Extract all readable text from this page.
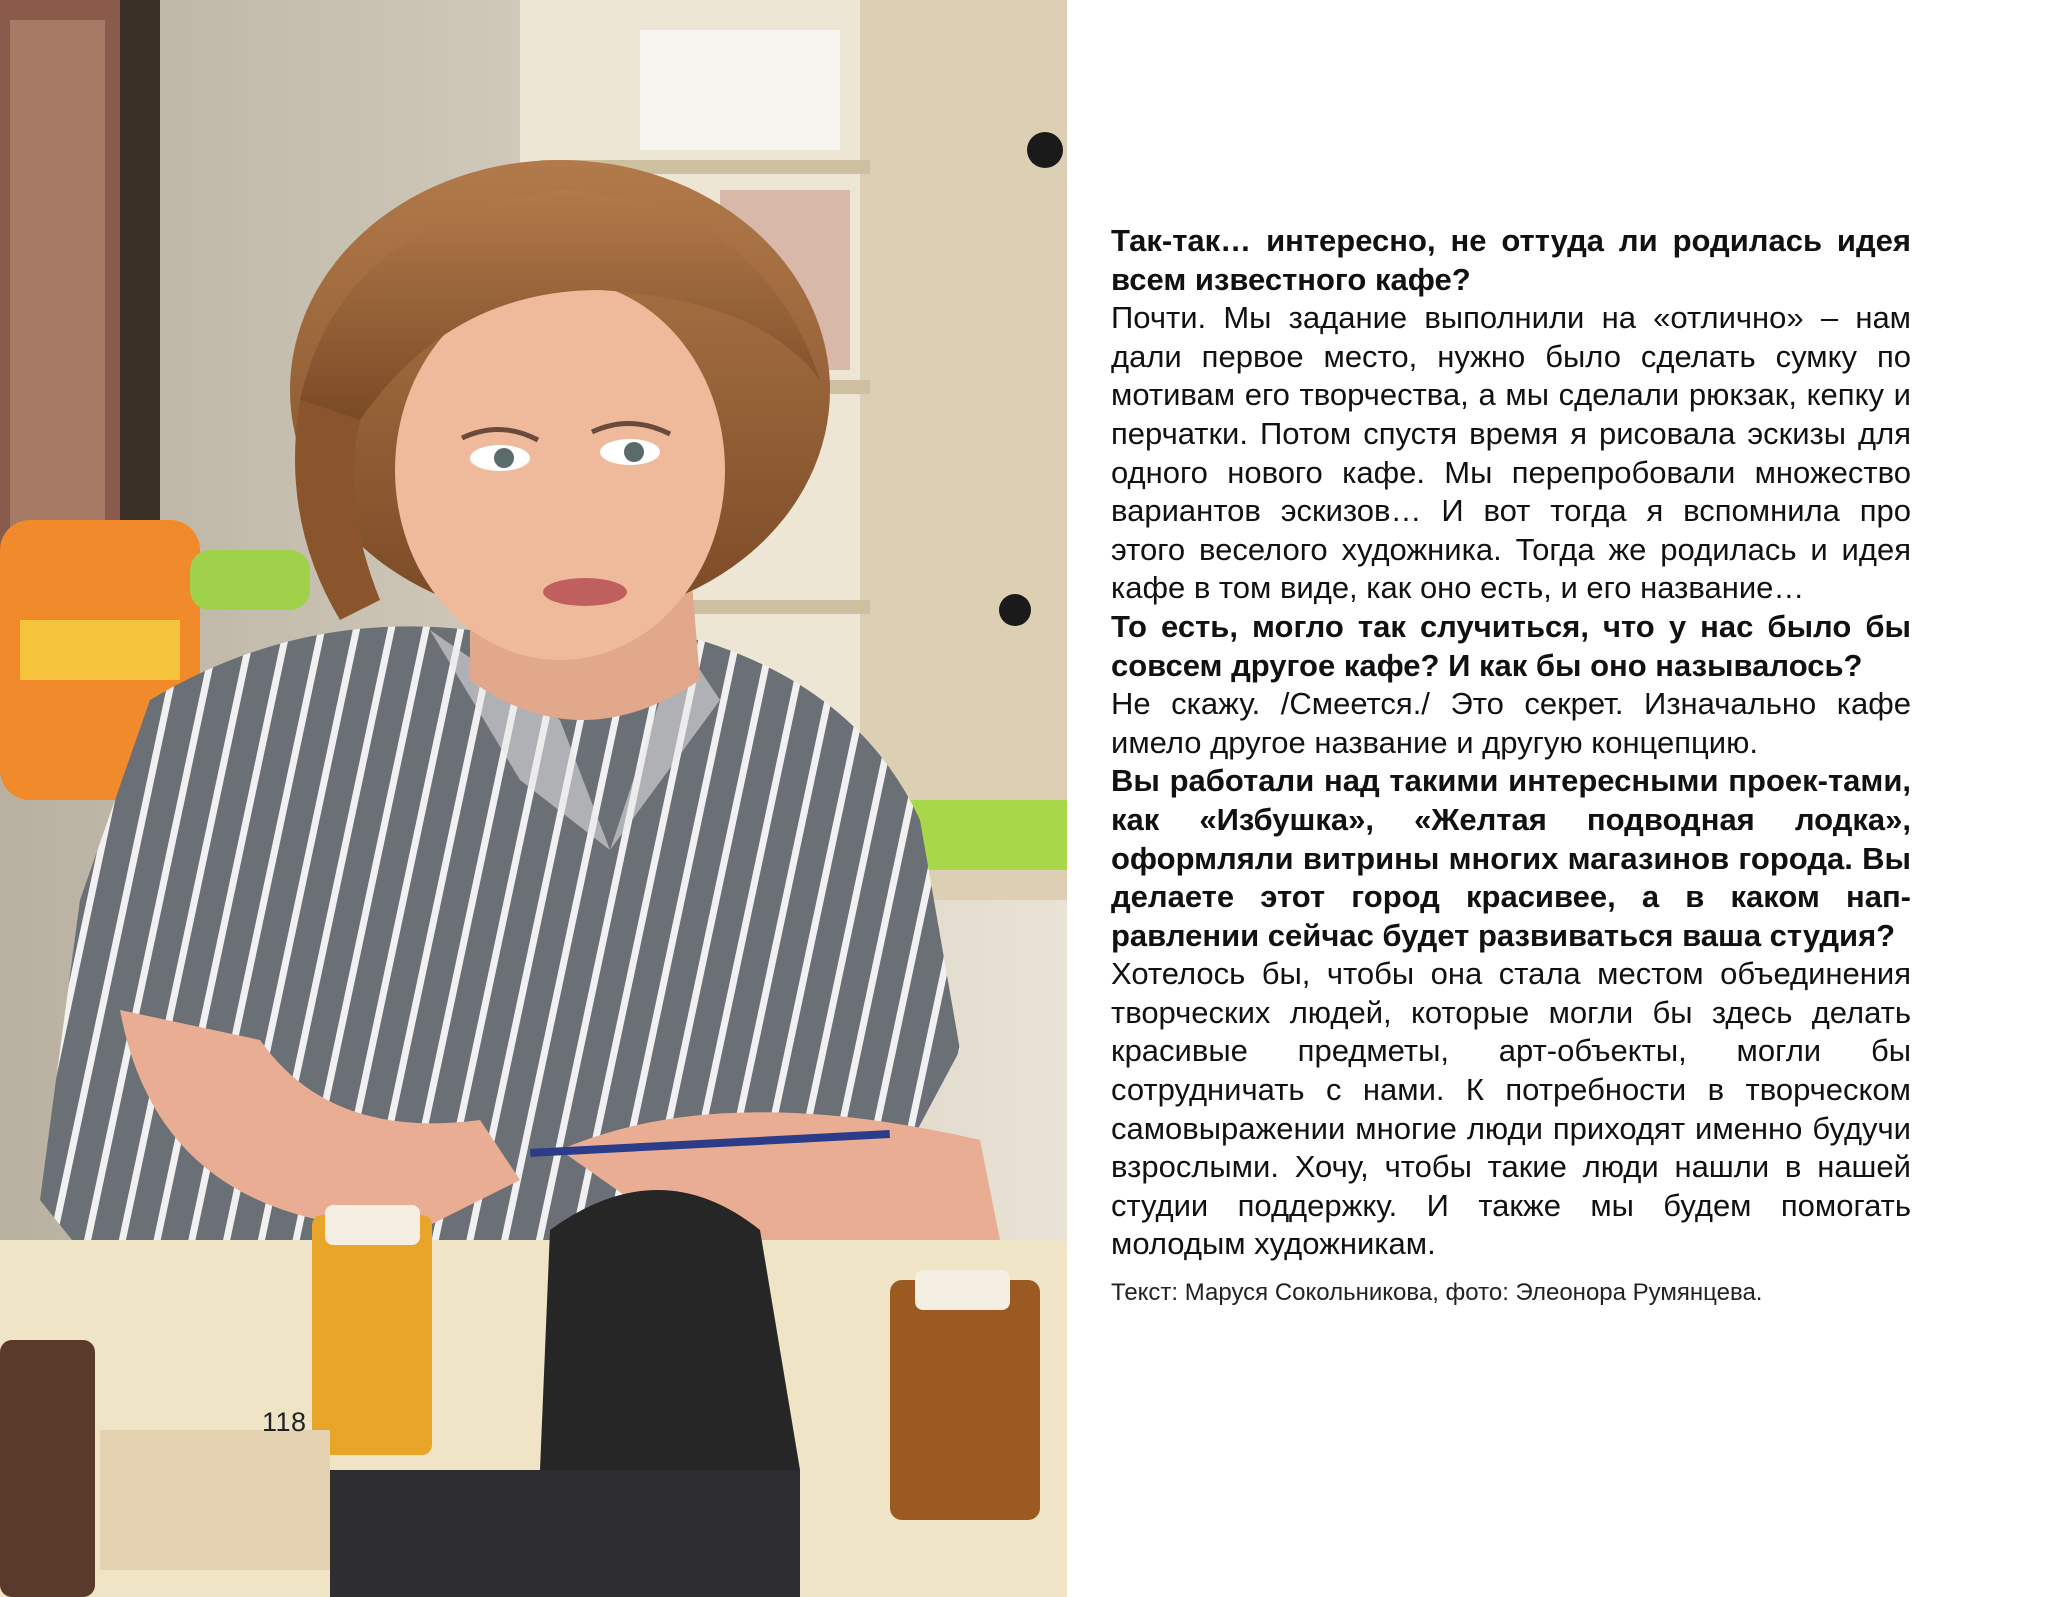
118

Так-так… интересно, не оттуда ли родилась идея всем известного кафе?

Почти. Мы задание выполнили на «отлично» – нам дали первое место, нужно было сделать сумку по мотивам его творчества, а мы сделали рюкзак, кепку и перчатки. Потом спустя время я рисовала эскизы для одного нового кафе. Мы перепробовали множество вариантов эскизов… И вот тогда я вспомнила про этого веселого художника. Тогда же родилась и идея кафе в том виде, как оно есть, и его название…

То есть, могло так случиться, что у нас было бы совсем другое кафе? И как бы оно называлось?

Не скажу. /Смеется./ Это секрет. Изначально кафе имело другое название и другую концепцию.

Вы работали над такими интересными проек-тами, как «Избушка», «Желтая подводная лодка», оформляли витрины многих магазинов города. Вы делаете этот город красивее, а в каком нап-равлении сейчас будет развиваться ваша студия?

Хотелось бы, чтобы она стала местом объединения творческих людей, которые могли бы здесь делать красивые предметы, арт-объекты, могли бы сотрудничать с нами. К потребности в творческом самовыражении многие люди приходят именно будучи взрослыми. Хочу, чтобы такие люди нашли в нашей студии поддержку. И также мы будем помогать молодым художникам.

Текст: Маруся Сокольникова, фото: Элеонора Румянцева.
